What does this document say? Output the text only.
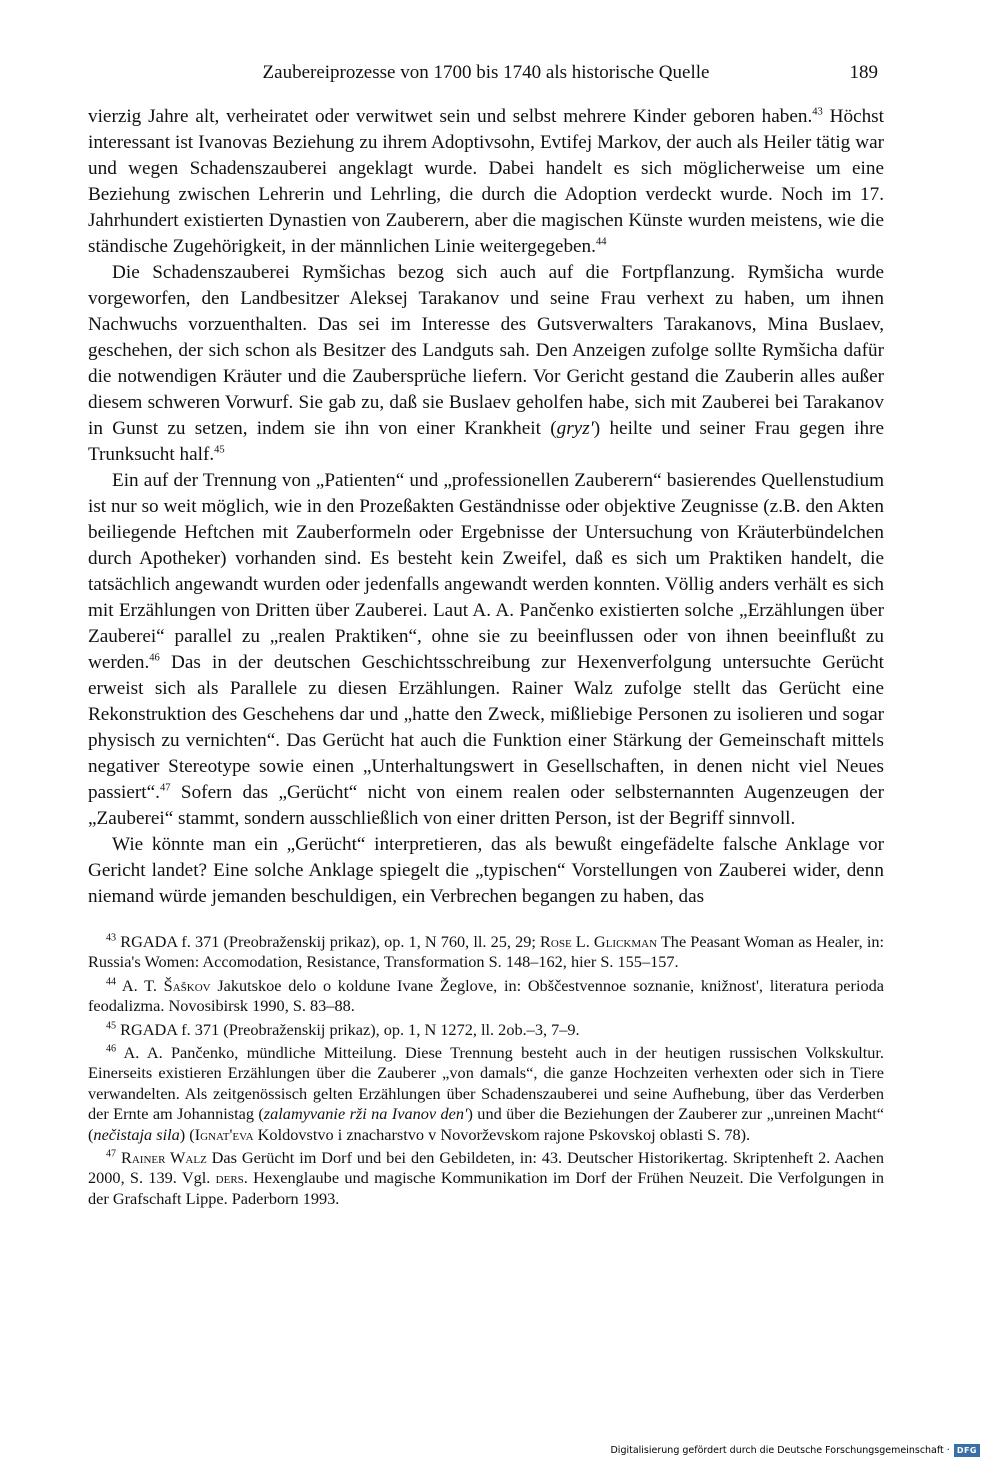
Zaubereiprozesse von 1700 bis 1740 als historische Quelle	189

vierzig Jahre alt, verheiratet oder verwitwet sein und selbst mehrere Kinder geboren haben.$^{43}$ Höchst interessant ist Ivanovas Beziehung zu ihrem Adoptivsohn, Evtifej Markov, der auch als Heiler tätig war und wegen Schadenszauberei angeklagt wurde. Dabei handelt es sich möglicherweise um eine Beziehung zwischen Lehrerin und Lehrling, die durch die Adoption verdeckt wurde. Noch im 17. Jahrhundert existierten Dynastien von Zauberern, aber die magischen Künste wurden meistens, wie die ständische Zugehörigkeit, in der männlichen Linie weitergegeben.$^{44}$

Die Schadenszauberei Rymšichas bezog sich auch auf die Fortpflanzung. Rymšicha wurde vorgeworfen, den Landbesitzer Aleksej Tarakanov und seine Frau verhext zu haben, um ihnen Nachwuchs vorzuenthalten. Das sei im Interesse des Gutsverwalters Tarakanovs, Mina Buslaev, geschehen, der sich schon als Besitzer des Landguts sah. Den Anzeigen zufolge sollte Rymšicha dafür die notwendigen Kräuter und die Zaubersprüche liefern. Vor Gericht gestand die Zauberin alles außer diesem schweren Vorwurf. Sie gab zu, daß sie Buslaev geholfen habe, sich mit Zauberei bei Tarakanov in Gunst zu setzen, indem sie ihn von einer Krankheit (gryz') heilte und seiner Frau gegen ihre Trunksucht half.$^{45}$

Ein auf der Trennung von „Patienten“ und „professionellen Zauberern“ basierendes Quellenstudium ist nur so weit möglich, wie in den Prozeßakten Geständnisse oder objektive Zeugnisse (z.B. den Akten beiliegende Heftchen mit Zauberformeln oder Ergebnisse der Untersuchung von Kräuterbündelchen durch Apotheker) vorhanden sind. Es besteht kein Zweifel, daß es sich um Praktiken handelt, die tatsächlich angewandt wurden oder jedenfalls angewandt werden konnten. Völlig anders verhält es sich mit Erzählungen von Dritten über Zauberei. Laut A. A. Pančenko existierten solche „Erzählungen über Zauberei“ parallel zu „realen Praktiken“, ohne sie zu beeinflussen oder von ihnen beeinflußt zu werden.$^{46}$ Das in der deutschen Geschichtsschreibung zur Hexenverfolgung untersuchte Gerücht erweist sich als Parallele zu diesen Erzählungen. Rainer Walz zufolge stellt das Gerücht eine Rekonstruktion des Geschehens dar und „hatte den Zweck, mißliebige Personen zu isolieren und sogar physisch zu vernichten“. Das Gerücht hat auch die Funktion einer Stärkung der Gemeinschaft mittels negativer Stereotype sowie einen „Unterhaltungswert in Gesellschaften, in denen nicht viel Neues passiert“.$^{47}$ Sofern das „Gerücht“ nicht von einem realen oder selbsternannten Augenzeugen der „Zauberei“ stammt, sondern ausschließlich von einer dritten Person, ist der Begriff sinnvoll.

Wie könnte man ein „Gerücht“ interpretieren, das als bewußt eingefädelte falsche Anklage vor Gericht landet? Eine solche Anklage spiegelt die „typischen“ Vorstellungen von Zauberei wider, denn niemand würde jemanden beschuldigen, ein Verbrechen begangen zu haben, das

$^{43}$ RGADA f. 371 (Preobraženskij prikaz), op. 1, N 760, ll. 25, 29; Rose L. Glickman The Peasant Woman as Healer, in: Russia's Women: Accomodation, Resistance, Transformation S. 148–162, hier S. 155–157.

$^{44}$ A. T. Šaškov Jakutskoe delo o koldune Ivane Žeglove, in: Obščestvennoe soznanie, knižnost', literatura perioda feodalizma. Novosibirsk 1990, S. 83–88.

$^{45}$ RGADA f. 371 (Preobraženskij prikaz), op. 1, N 1272, ll. 2ob.–3, 7–9.

$^{46}$ A. A. Pančenko, mündliche Mitteilung. Diese Trennung besteht auch in der heutigen russischen Volkskultur. Einerseits existieren Erzählungen über die Zauberer „von damals“, die ganze Hochzeiten verhexten oder sich in Tiere verwandelten. Als zeitgenössisch gelten Erzählungen über Schadenszauberei und seine Aufhebung, über das Verderben der Ernte am Johannistag (zalamyvanie rži na Ivanov den') und über die Beziehungen der Zauberer zur „unreinen Macht“ (nečistaja sila) (Ignat'eva Koldovstvo i znacharstvo v Novorževskom rajone Pskovskoj oblasti S. 78).

$^{47}$ Rainer Walz Das Gerücht im Dorf und bei den Gebildeten, in: 43. Deutscher Historikertag. Skriptenheft 2. Aachen 2000, S. 139. Vgl. ders. Hexenglaube und magische Kommunikation im Dorf der Frühen Neuzeit. Die Verfolgungen in der Grafschaft Lippe. Paderborn 1993.

Digitalisierung gefördert durch die Deutsche Forschungsgemeinschaft · DFG
